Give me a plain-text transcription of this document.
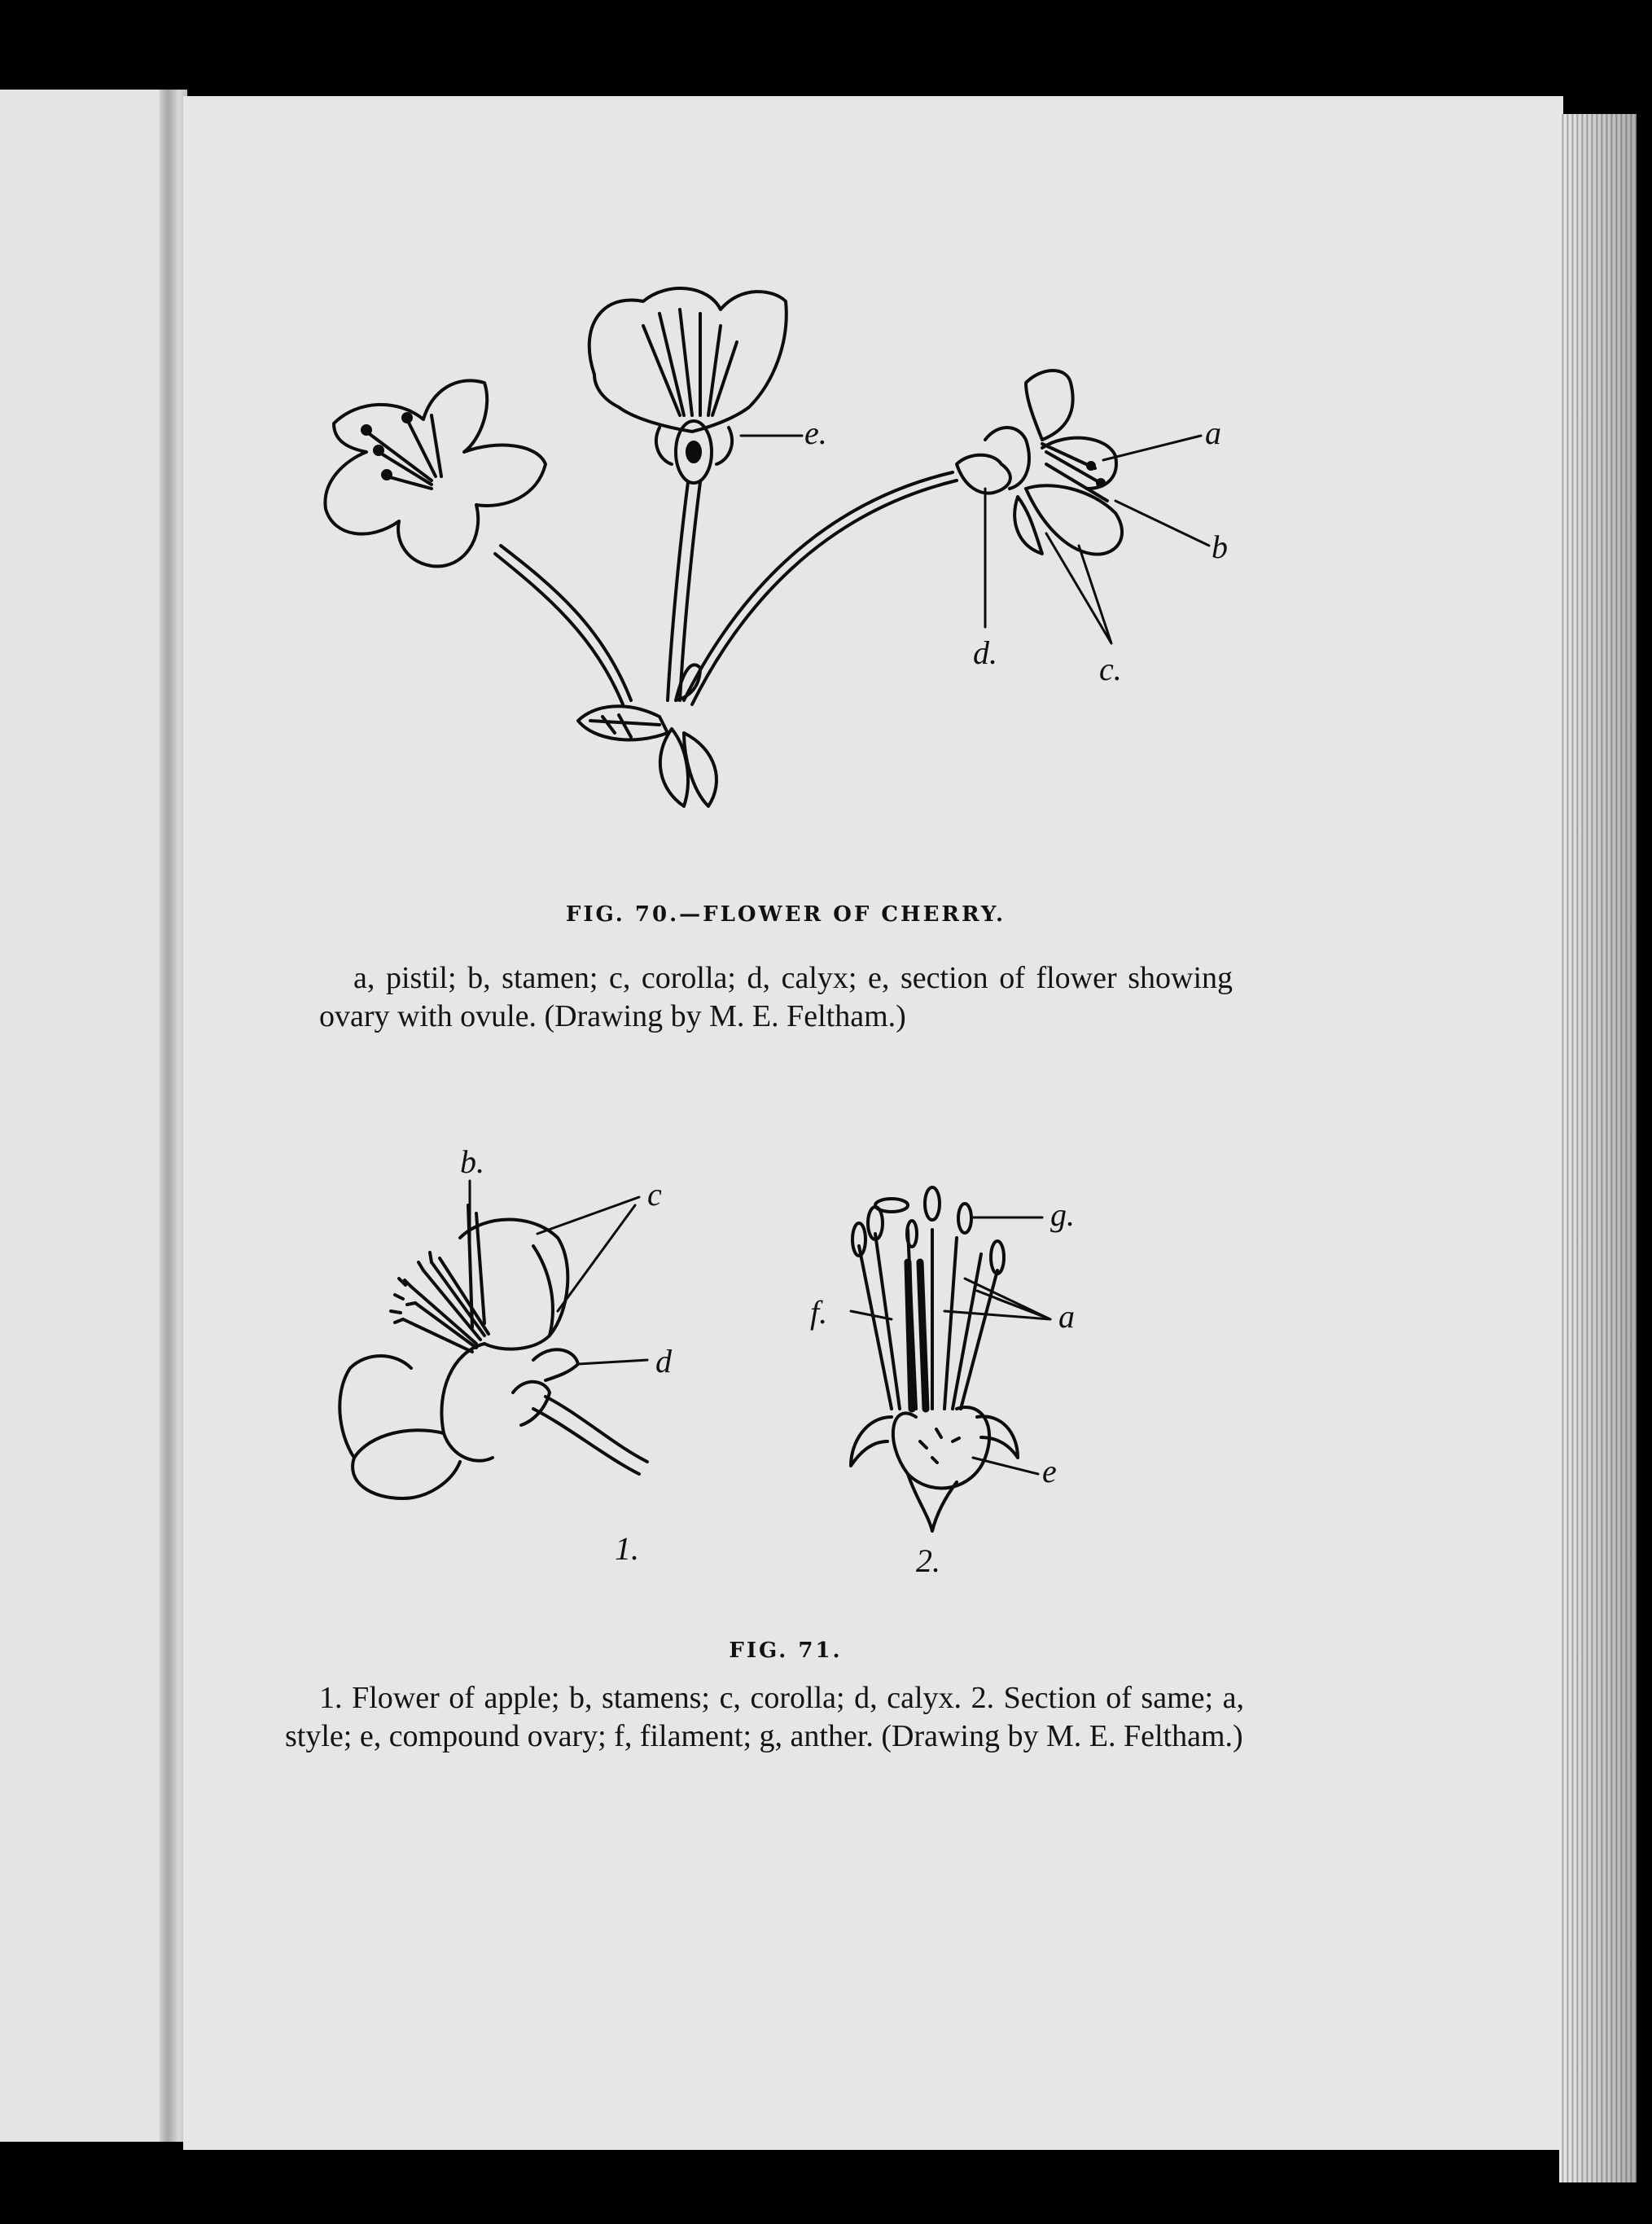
e.	a
b
d.	c.
FIG. 70.—FLOWER OF CHERRY.
a, pistil; b, stamen; c, corolla; d, calyx; e, section of flower showing ovary with ovule. (Drawing by M. E. Feltham.)
b.
c
d
1.
g.
a
f.
e
2.
FIG. 71.
1. Flower of apple; b, stamens; c, corolla; d, calyx. 2. Section of same; a, style; e, compound ovary; f, filament; g, anther. (Drawing by M. E. Feltham.)
